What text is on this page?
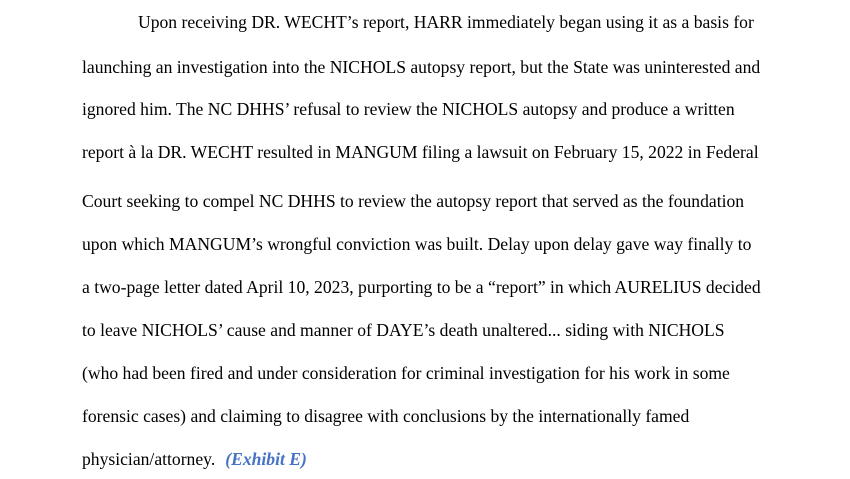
Upon receiving DR. WECHT’s report, HARR immediately began using it as a basis for
launching an investigation into the NICHOLS autopsy report, but the State was uninterested and
ignored him. The NC DHHS’ refusal to review the NICHOLS autopsy and produce a written
report à la DR. WECHT resulted in MANGUM filing a lawsuit on February 15, 2022 in Federal
Court seeking to compel NC DHHS to review the autopsy report that served as the foundation
upon which MANGUM’s wrongful conviction was built. Delay upon delay gave way finally to
a two-page letter dated April 10, 2023, purporting to be a “report” in which AURELIUS decided
to leave NICHOLS’ cause and manner of DAYE’s death unaltered... siding with NICHOLS
(who had been fired and under consideration for criminal investigation for his work in some
forensic cases) and claiming to disagree with conclusions by the internationally famed
physician/attorney. (Exhibit E)
